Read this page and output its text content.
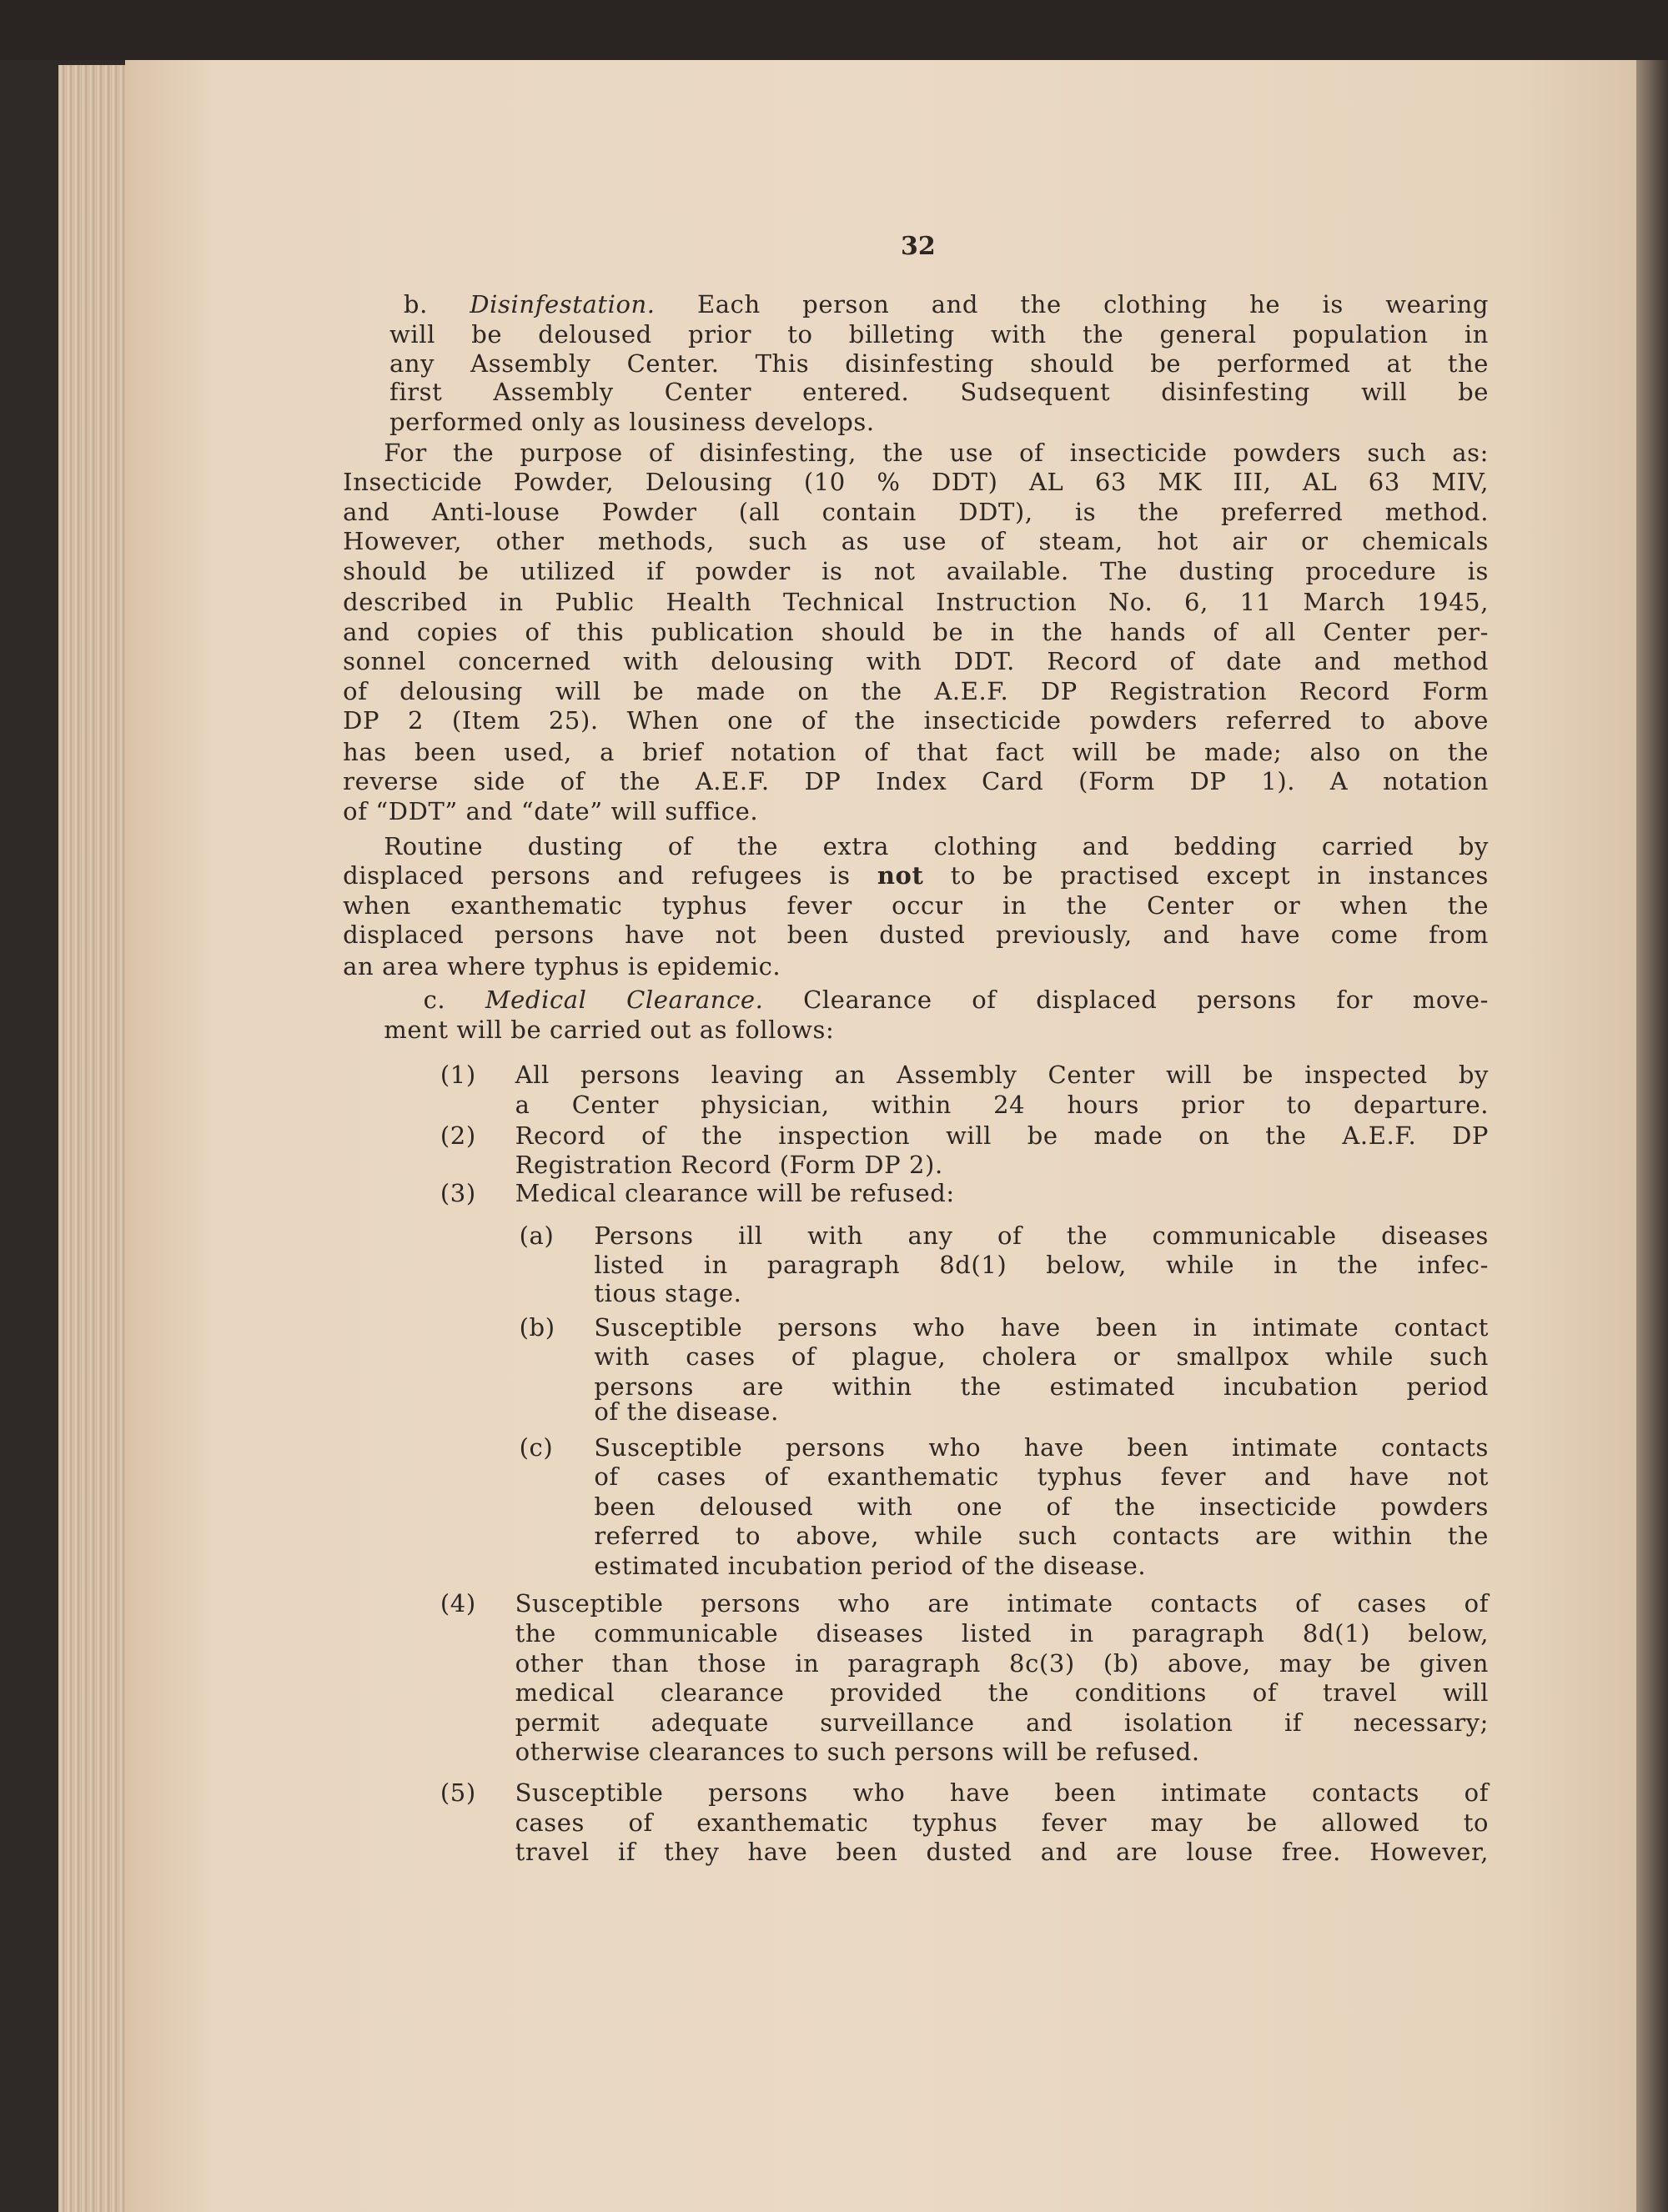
32
b. Disinfestation. Each person and the clothing he is wearing
will be deloused prior to billeting with the general population in
any Assembly Center. This disinfesting should be performed at the
first Assembly Center entered. Sudsequent disinfesting will be
performed only as lousiness develops.
For the purpose of disinfesting, the use of insecticide powders such as:
Insecticide Powder, Delousing (10 % DDT) AL 63 MK III, AL 63 MIV,
and Anti-louse Powder (all contain DDT), is the preferred method.
However, other methods, such as use of steam, hot air or chemicals
should be utilized if powder is not available. The dusting procedure is
described in Public Health Technical Instruction No. 6, 11 March 1945,
and copies of this publication should be in the hands of all Center per-
sonnel concerned with delousing with DDT. Record of date and method
of delousing will be made on the A.E.F. DP Registration Record Form
DP 2 (Item 25). When one of the insecticide powders referred to above
has been used, a brief notation of that fact will be made; also on the
reverse side of the A.E.F. DP Index Card (Form DP 1). A notation
of “DDT” and “date” will suffice.
Routine dusting of the extra clothing and bedding carried by
displaced persons and refugees is not to be practised except in instances
when exanthematic typhus fever occur in the Center or when the
displaced persons have not been dusted previously, and have come from
an area where typhus is epidemic.
c. Medical Clearance. Clearance of displaced persons for move-
ment will be carried out as follows:
All persons leaving an Assembly Center will be inspected by
(1)
a Center physician, within 24 hours prior to departure.
Record of the inspection will be made on the A.E.F. DP
(2)
Registration Record (Form DP 2).
Medical clearance will be refused:
(3)
Persons ill with any of the communicable diseases
(a)
listed in paragraph 8d(1) below, while in the infec-
tious stage.
Susceptible persons who have been in intimate contact
(b)
with cases of plague, cholera or smallpox while such
persons are within the estimated incubation period
of the disease.
Susceptible persons who have been intimate contacts
(c)
of cases of exanthematic typhus fever and have not
been deloused with one of the insecticide powders
referred to above, while such contacts are within the
estimated incubation period of the disease.
Susceptible persons who are intimate contacts of cases of
(4)
the communicable diseases listed in paragraph 8d(1) below,
other than those in paragraph 8c(3) (b) above, may be given
medical clearance provided the conditions of travel will
permit adequate surveillance and isolation if necessary;
otherwise clearances to such persons will be refused.
Susceptible persons who have been intimate contacts of
(5)
cases of exanthematic typhus fever may be allowed to
travel if they have been dusted and are louse free. However,
